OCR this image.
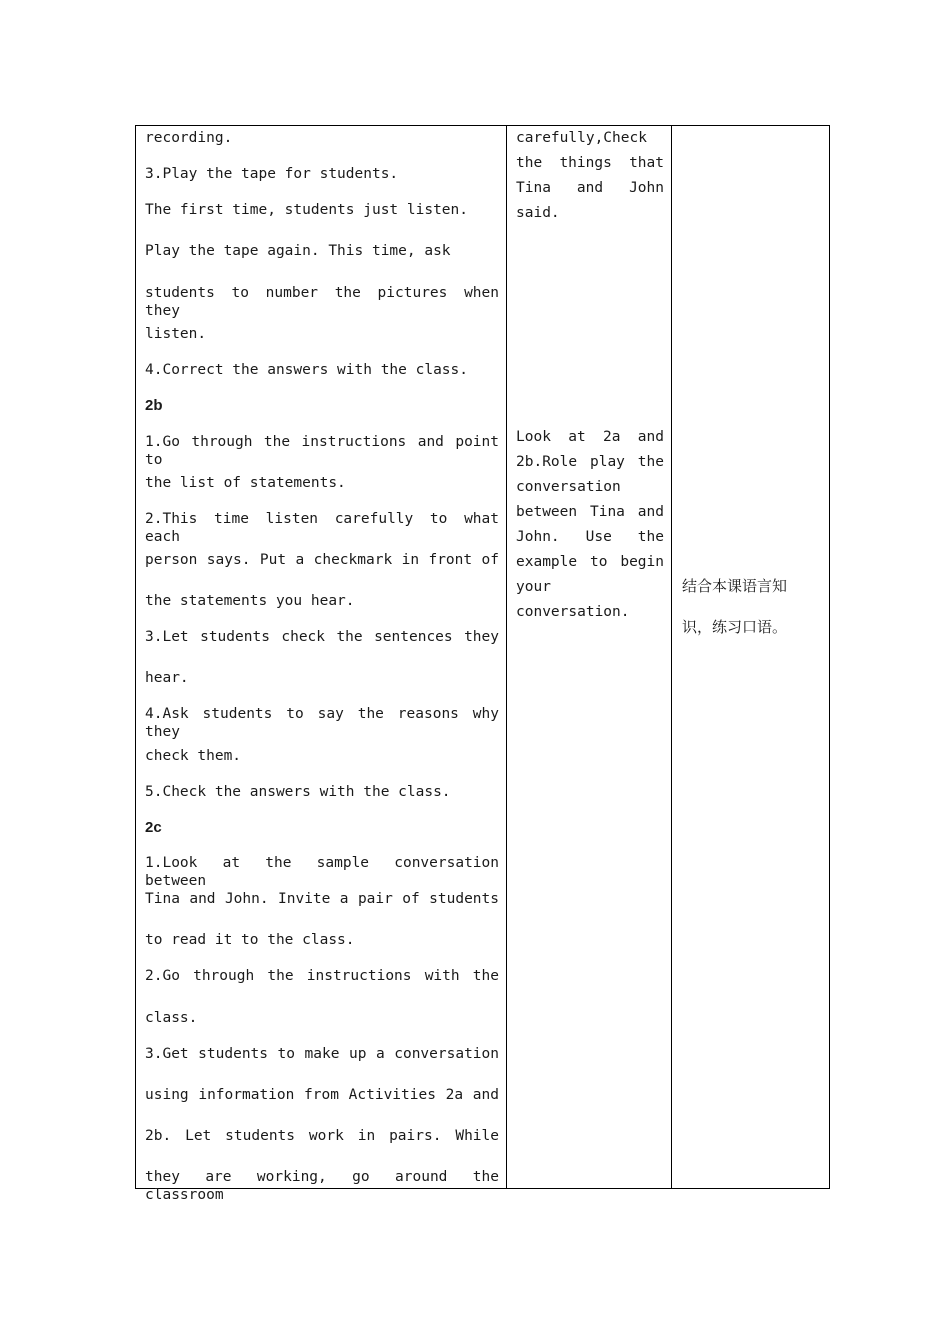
recording.
3.Play the tape for students.
The first time, students just listen.
Play the tape again. This time, ask
students to number the pictures when they
listen.
4.Correct the answers with the class.
2b
1.Go through the instructions and point to
the list of statements.
2.This time listen carefully to what each
person says. Put a checkmark in front of
the statements you hear.
3.Let students check the sentences they
hear.
4.Ask students to say the reasons why they
check them.
5.Check the answers with the class.
2c
1.Look at the sample conversation between
Tina and John. Invite a pair of students
to read it to the class.
2.Go through the instructions with the
class.
3.Get students to make up a conversation
using information from Activities 2a and
2b. Let students work in pairs. While
they are working, go around the classroom
carefully,Check
the things that
Tina and John
said.
Look at 2a and
2b.Role play the
conversation
between Tina and
John. Use the
example to begin
your
conversation.
结合本课语言知
识，练习口语。
